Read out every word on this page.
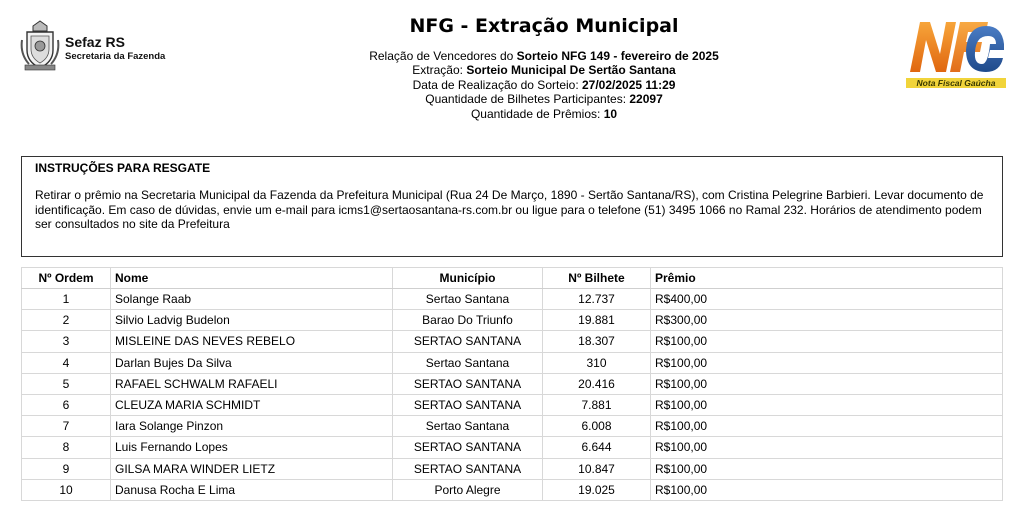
Sefaz RS
Secretaria da Fazenda
NFG - Extração Municipal
Relação de Vencedores do Sorteio NFG 149 - fevereiro de 2025
Extração: Sorteio Municipal De Sertão Santana
Data de Realização do Sorteio: 27/02/2025 11:29
Quantidade de Bilhetes Participantes: 22097
Quantidade de Prêmios: 10
Nota Fiscal Gaúcha
INSTRUÇÕES PARA RESGATE
Retirar o prêmio na Secretaria Municipal da Fazenda da Prefeitura Municipal (Rua 24 De Março, 1890 - Sertão Santana/RS), com Cristina Pelegrine Barbieri. Levar documento de identificação. Em caso de dúvidas, envie um e-mail para icms1@sertaosantana-rs.com.br ou ligue para o telefone (51) 3495 1066 no Ramal 232. Horários de atendimento podem ser consultados no site da Prefeitura
Nº Ordem	Nome	Município	Nº Bilhete	Prêmio
1	Solange Raab	Sertao Santana	12.737	R$400,00
2	Silvio Ladvig Budelon	Barao Do Triunfo	19.881	R$300,00
3	MISLEINE DAS NEVES REBELO	SERTAO SANTANA	18.307	R$100,00
4	Darlan Bujes Da Silva	Sertao Santana	310	R$100,00
5	RAFAEL SCHWALM RAFAELI	SERTAO SANTANA	20.416	R$100,00
6	CLEUZA MARIA SCHMIDT	SERTAO SANTANA	7.881	R$100,00
7	Iara Solange Pinzon	Sertao Santana	6.008	R$100,00
8	Luis Fernando Lopes	SERTAO SANTANA	6.644	R$100,00
9	GILSA MARA WINDER LIETZ	SERTAO SANTANA	10.847	R$100,00
10	Danusa Rocha E Lima	Porto Alegre	19.025	R$100,00
